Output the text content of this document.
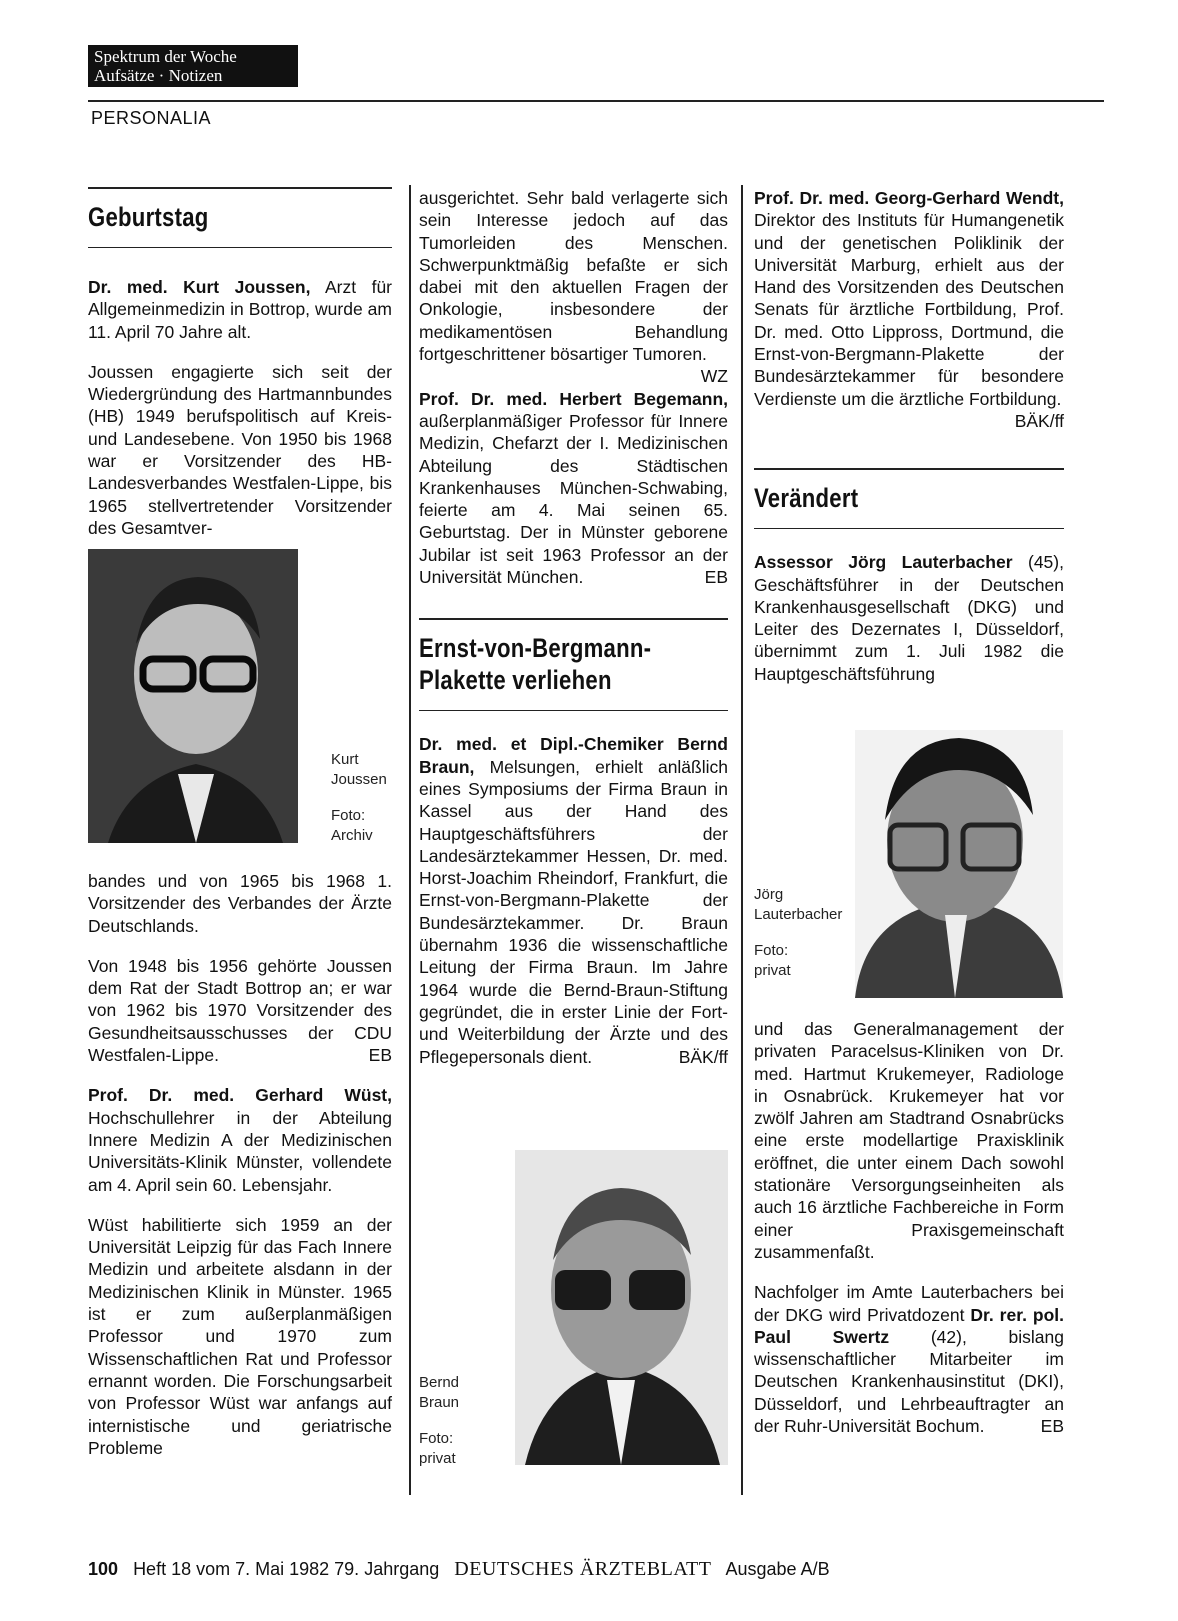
Spektrum der Woche
Aufsätze · Notizen
PERSONALIA
Geburtstag

Dr. med. Kurt Joussen, Arzt für Allgemeinmedizin in Bottrop, wurde am 11. April 70 Jahre alt.

Joussen engagierte sich seit der Wiedergründung des Hartmannbundes (HB) 1949 berufspolitisch auf Kreis- und Landesebene. Von 1950 bis 1968 war er Vorsitzender des HB-Landesverbandes Westfalen-Lippe, bis 1965 stellvertretender Vorsitzender des Gesamtver-

Kurt Joussen
Foto: Archiv

bandes und von 1965 bis 1968 1. Vorsitzender des Verbandes der Ärzte Deutschlands.

Von 1948 bis 1956 gehörte Joussen dem Rat der Stadt Bottrop an; er war von 1962 bis 1970 Vorsitzender des Gesundheitsausschusses der CDU Westfalen-Lippe.	EB

Prof. Dr. med. Gerhard Wüst, Hochschullehrer in der Abteilung Innere Medizin A der Medizinischen Universitäts-Klinik Münster, vollendete am 4. April sein 60. Lebensjahr.

Wüst habilitierte sich 1959 an der Universität Leipzig für das Fach Innere Medizin und arbeitete alsdann in der Medizinischen Klinik in Münster. 1965 ist er zum außerplanmäßigen Professor und 1970 zum Wissenschaftlichen Rat und Professor ernannt worden. Die Forschungsarbeit von Professor Wüst war anfangs auf internistische und geriatrische Probleme

ausgerichtet. Sehr bald verlagerte sich sein Interesse jedoch auf das Tumorleiden des Menschen. Schwerpunktmäßig befaßte er sich dabei mit den aktuellen Fragen der Onkologie, insbesondere der medikamentösen Behandlung fortgeschrittener bösartiger Tumoren.
WZ

Prof. Dr. med. Herbert Begemann, außerplanmäßiger Professor für Innere Medizin, Chefarzt der I. Medizinischen Abteilung des Städtischen Krankenhauses München-Schwabing, feierte am 4. Mai seinen 65. Geburtstag. Der in Münster geborene Jubilar ist seit 1963 Professor an der Universität München.	EB

Ernst-von-Bergmann-Plakette verliehen

Dr. med. et Dipl.-Chemiker Bernd Braun, Melsungen, erhielt anläßlich eines Symposiums der Firma Braun in Kassel aus der Hand des Hauptgeschäftsführers der Landesärztekammer Hessen, Dr. med. Horst-Joachim Rheindorf, Frankfurt, die Ernst-von-Bergmann-Plakette der Bundesärztekammer. Dr. Braun übernahm 1936 die wissenschaftliche Leitung der Firma Braun. Im Jahre 1964 wurde die Bernd-Braun-Stiftung gegründet, die in erster Linie der Fort- und Weiterbildung der Ärzte und des Pflegepersonals dient.	BÄK/ff

Bernd Braun
Foto: privat

Prof. Dr. med. Georg-Gerhard Wendt, Direktor des Instituts für Humangenetik und der genetischen Poliklinik der Universität Marburg, erhielt aus der Hand des Vorsitzenden des Deutschen Senats für ärztliche Fortbildung, Prof. Dr. med. Otto Lippross, Dortmund, die Ernst-von-Bergmann-Plakette der Bundesärztekammer für besondere Verdienste um die ärztliche Fortbildung.
BÄK/ff

Verändert

Assessor Jörg Lauterbacher (45), Geschäftsführer in der Deutschen Krankenhausgesellschaft (DKG) und Leiter des Dezernates I, Düsseldorf, übernimmt zum 1. Juli 1982 die Hauptgeschäftsführung

Jörg Lauterbacher
Foto: privat

und das Generalmanagement der privaten Paracelsus-Kliniken von Dr. med. Hartmut Krukemeyer, Radiologe in Osnabrück. Krukemeyer hat vor zwölf Jahren am Stadtrand Osnabrücks eine erste modellartige Praxisklinik eröffnet, die unter einem Dach sowohl stationäre Versorgungseinheiten als auch 16 ärztliche Fachbereiche in Form einer Praxisgemeinschaft zusammenfaßt.

Nachfolger im Amte Lauterbachers bei der DKG wird Privatdozent Dr. rer. pol. Paul Swertz (42), bislang wissenschaftlicher Mitarbeiter im Deutschen Krankenhausinstitut (DKI), Düsseldorf, und Lehrbeauftragter an der Ruhr-Universität Bochum.	EB

100 Heft 18 vom 7. Mai 1982 79. Jahrgang DEUTSCHES ÄRZTEBLATT Ausgabe A/B
